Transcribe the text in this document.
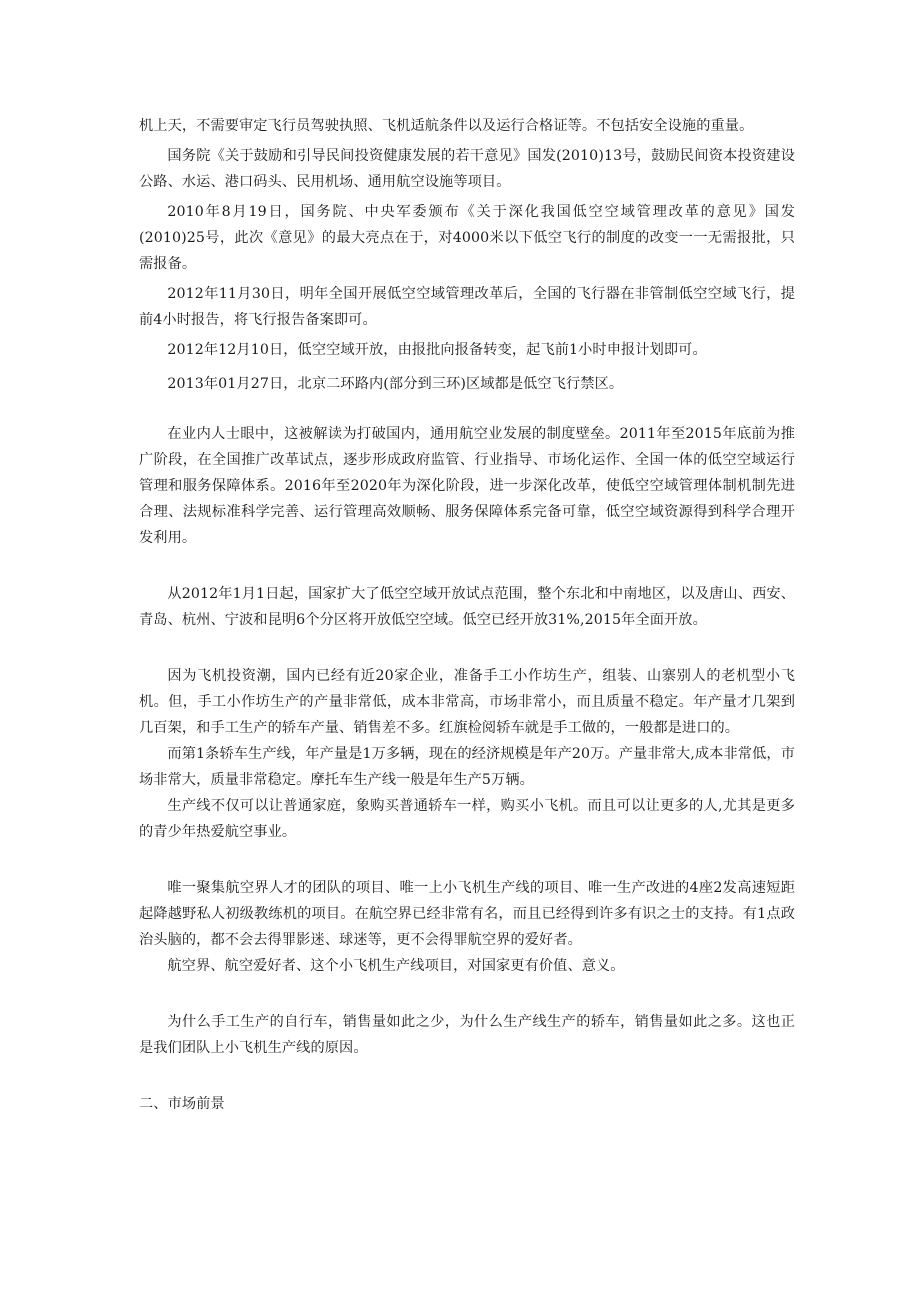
机上天，不需要审定飞行员驾驶执照、飞机适航条件以及运行合格证等。不包括安全设施的重量。

国务院《关于鼓励和引导民间投资健康发展的若干意见》国发(2010)13号，鼓励民间资本投资建设公路、水运、港口码头、民用机场、通用航空设施等项目。

2010年8月19日，国务院、中央军委颁布《关于深化我国低空空域管理改革的意见》国发(2010)25号，此次《意见》的最大亮点在于，对4000米以下低空飞行的制度的改变一一无需报批，只需报备。

2012年11月30日，明年全国开展低空空域管理改革后，全国的飞行器在非管制低空空域飞行，提前4小时报告，将飞行报告备案即可。

2012年12月10日，低空空域开放，由报批向报备转变，起飞前1小时申报计划即可。

2013年01月27日，北京二环路内(部分到三环)区域都是低空飞行禁区。

在业内人士眼中，这被解读为打破国内，通用航空业发展的制度壁垒。2011年至2015年底前为推广阶段，在全国推广改革试点，逐步形成政府监管、行业指导、市场化运作、全国一体的低空空域运行管理和服务保障体系。2016年至2020年为深化阶段，进一步深化改革，使低空空域管理体制机制先进合理、法规标准科学完善、运行管理高效顺畅、服务保障体系完备可靠，低空空域资源得到科学合理开发利用。

从2012年1月1日起，国家扩大了低空空域开放试点范围，整个东北和中南地区，以及唐山、西安、青岛、杭州、宁波和昆明6个分区将开放低空空域。低空已经开放31%,2015年全面开放。

因为飞机投资潮，国内已经有近20家企业，准备手工小作坊生产，组装、山寨别人的老机型小飞机。但，手工小作坊生产的产量非常低，成本非常高，市场非常小，而且质量不稳定。年产量才几架到几百架，和手工生产的轿车产量、销售差不多。红旗检阅轿车就是手工做的，一般都是进口的。

而第1条轿车生产线，年产量是1万多辆，现在的经济规模是年产20万。产量非常大,成本非常低，市场非常大，质量非常稳定。摩托车生产线一般是年生产5万辆。

生产线不仅可以让普通家庭，象购买普通轿车一样，购买小飞机。而且可以让更多的人,尤其是更多的青少年热爱航空事业。

唯一聚集航空界人才的团队的项目、唯一上小飞机生产线的项目、唯一生产改进的4座2发高速短距起降越野私人初级教练机的项目。在航空界已经非常有名，而且已经得到许多有识之士的支持。有1点政治头脑的，都不会去得罪影迷、球迷等，更不会得罪航空界的爱好者。

航空界、航空爱好者、这个小飞机生产线项目，对国家更有价值、意义。

为什么手工生产的自行车，销售量如此之少，为什么生产线生产的轿车，销售量如此之多。这也正是我们团队上小飞机生产线的原因。

二、市场前景
